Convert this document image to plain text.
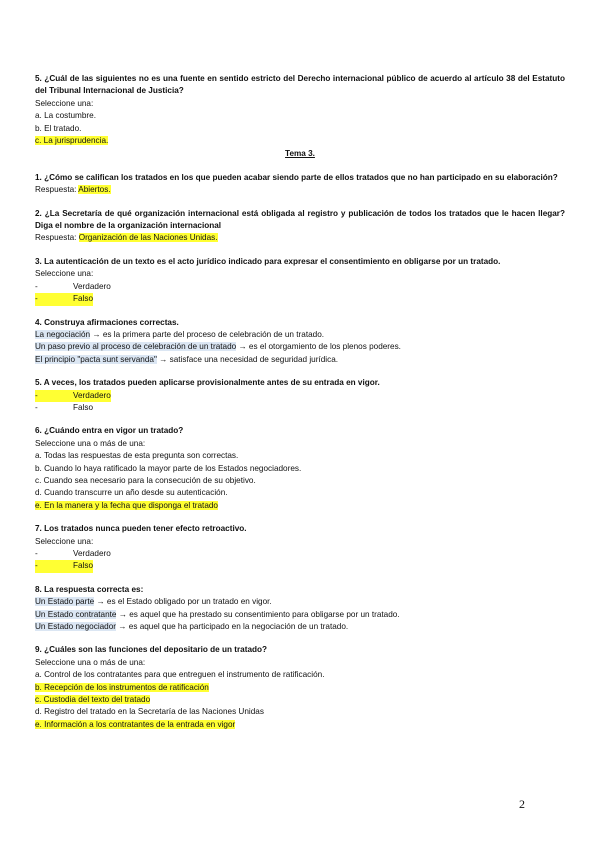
5. ¿Cuál de las siguientes no es una fuente en sentido estricto del Derecho internacional público de acuerdo al artículo 38 del Estatuto del Tribunal Internacional de Justicia?

Seleccione una:

a. La costumbre.

b. El tratado.

c. La jurisprudencia.

Tema 3.

1. ¿Cómo se califican los tratados en los que pueden acabar siendo parte de ellos tratados que no han participado en su elaboración?

Respuesta: Abiertos.

2. ¿La Secretaría de qué organización internacional está obligada al registro y publicación de todos los tratados que le hacen llegar? Diga el nombre de la organización internacional

Respuesta: Organización de las Naciones Unidas.

3. La autenticación de un texto es el acto jurídico indicado para expresar el consentimiento en obligarse por un tratado.

Seleccione una:

-	Verdadero
-	Falso

4. Construya afirmaciones correctas.

La negociación → es la primera parte del proceso de celebración de un tratado.

Un paso previo al proceso de celebración de un tratado → es el otorgamiento de los plenos poderes.

El principio "pacta sunt servanda" → satisface una necesidad de seguridad jurídica.

5. A veces, los tratados pueden aplicarse provisionalmente antes de su entrada en vigor.

-	Verdadero
-	Falso

6. ¿Cuándo entra en vigor un tratado?

Seleccione una o más de una:

a. Todas las respuestas de esta pregunta son correctas.

b. Cuando lo haya ratificado la mayor parte de los Estados negociadores.

c. Cuando sea necesario para la consecución de su objetivo.

d. Cuando transcurre un año desde su autenticación.

e. En la manera y la fecha que disponga el tratado

7. Los tratados nunca pueden tener efecto retroactivo.

Seleccione una:

-	Verdadero
-	Falso

8. La respuesta correcta es:

Un Estado parte → es el Estado obligado por un tratado en vigor.

Un Estado contratante → es aquel que ha prestado su consentimiento para obligarse por un tratado.

Un Estado negociador → es aquel que ha participado en la negociación de un tratado.

9. ¿Cuáles son las funciones del depositario de un tratado?

Seleccione una o más de una:

a. Control de los contratantes para que entreguen el instrumento de ratificación.

b. Recepción de los instrumentos de ratificación

c. Custodia del texto del tratado

d. Registro del tratado en la Secretaría de las Naciones Unidas

e. Información a los contratantes de la entrada en vigor

2
